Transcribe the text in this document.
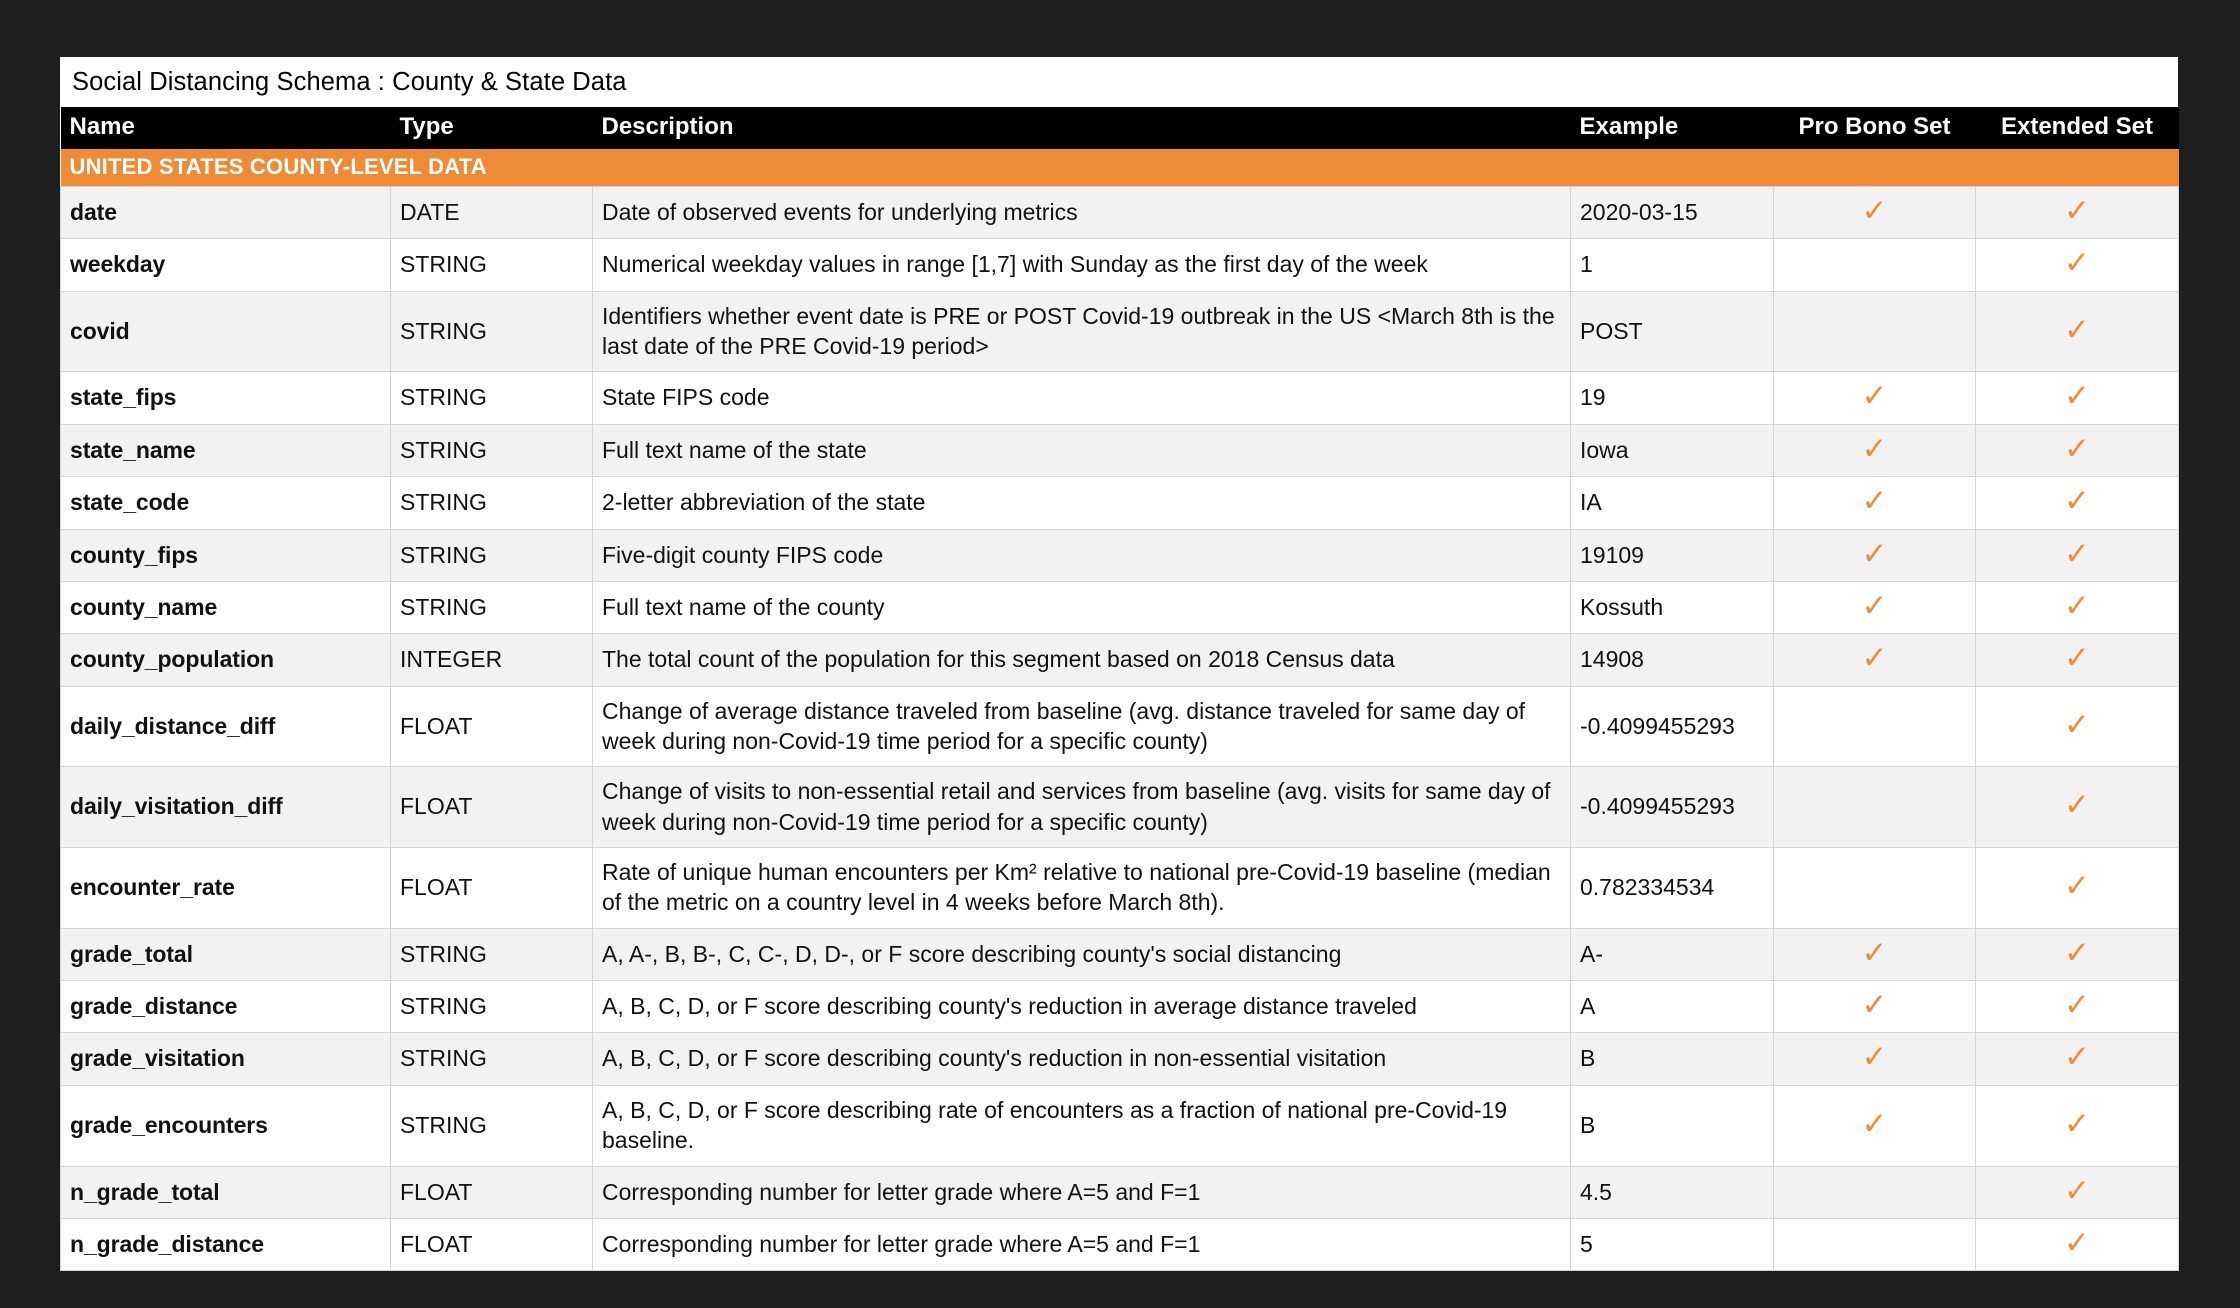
Social Distancing Schema : County & State Data
Name	Type	Description	Example	Pro Bono Set	Extended Set
UNITED STATES COUNTY-LEVEL DATA					
date	DATE	Date of observed events for underlying metrics	2020-03-15	✓	✓
weekday	STRING	Numerical weekday values in range [1,7] with Sunday as the first day of the week	1		✓
covid	STRING	Identifiers whether event date is PRE or POST Covid-19 outbreak in the US <March 8th is the last date of the PRE Covid-19 period>	POST		✓
state_fips	STRING	State FIPS code	19	✓	✓
state_name	STRING	Full text name of the state	Iowa	✓	✓
state_code	STRING	2-letter abbreviation of the state	IA	✓	✓
county_fips	STRING	Five-digit county FIPS code	19109	✓	✓
county_name	STRING	Full text name of the county	Kossuth	✓	✓
county_population	INTEGER	The total count of the population for this segment based on 2018 Census data	14908	✓	✓
daily_distance_diff	FLOAT	Change of average distance traveled from baseline (avg. distance traveled for same day of week during non-Covid-19 time period for a specific county)	-0.4099455293		✓
daily_visitation_diff	FLOAT	Change of visits to non-essential retail and services from baseline (avg. visits for same day of week during non-Covid-19 time period for a specific county)	-0.4099455293		✓
encounter_rate	FLOAT	Rate of unique human encounters per Km² relative to national pre-Covid-19 baseline (median of the metric on a country level in 4 weeks before March 8th).	0.782334534		✓
grade_total	STRING	A, A-, B, B-, C, C-, D, D-, or F score describing county's social distancing	A-	✓	✓
grade_distance	STRING	A, B, C, D, or F score describing county's reduction in average distance traveled	A	✓	✓
grade_visitation	STRING	A, B, C, D, or F score describing county's reduction in non-essential visitation	B	✓	✓
grade_encounters	STRING	A, B, C, D, or F score describing rate of encounters as a fraction of national pre-Covid-19 baseline.	B	✓	✓
n_grade_total	FLOAT	Corresponding number for letter grade where A=5 and F=1	4.5		✓
n_grade_distance	FLOAT	Corresponding number for letter grade where A=5 and F=1	5		✓
